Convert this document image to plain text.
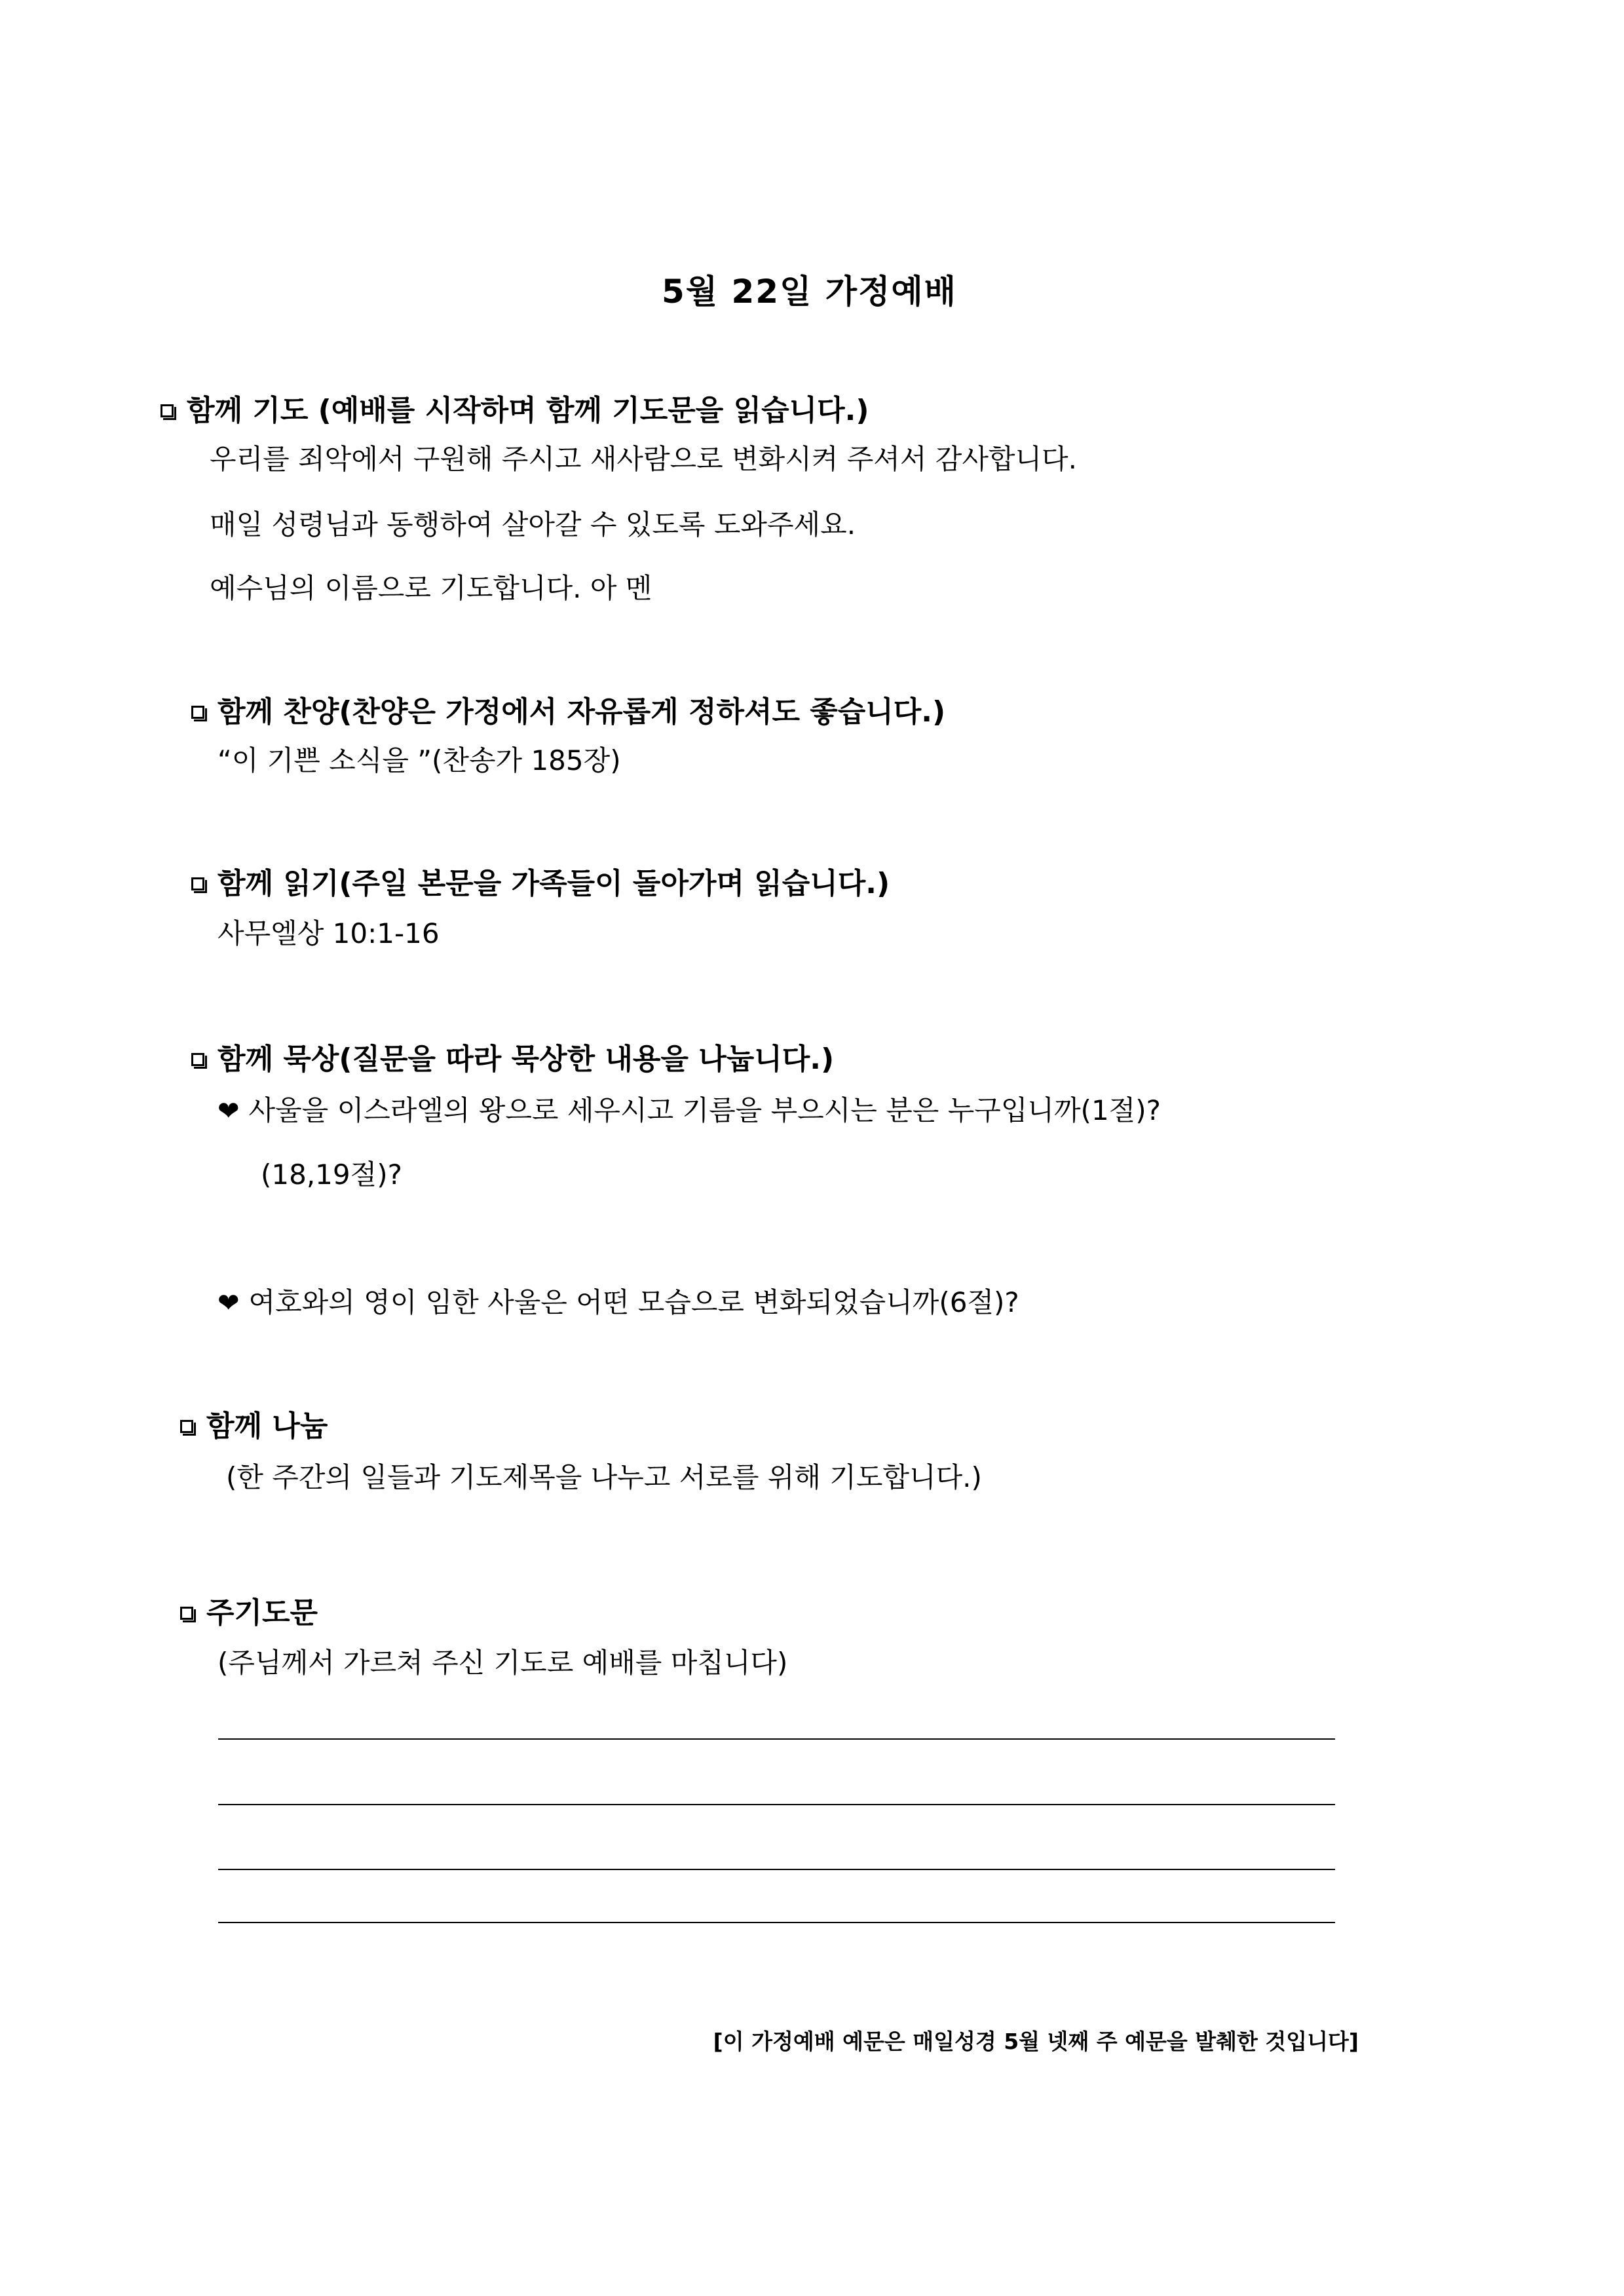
5월 22일 가정예배
함께 기도 (예배를 시작하며 함께 기도문을 읽습니다.)
우리를 죄악에서 구원해 주시고 새사람으로 변화시켜 주셔서 감사합니다.
매일 성령님과 동행하여 살아갈 수 있도록 도와주세요.
예수님의 이름으로 기도합니다. 아 멘
함께 찬양(찬양은 가정에서 자유롭게 정하셔도 좋습니다.)
“이 기쁜 소식을 ”(찬송가 185장)
함께 읽기(주일 본문을 가족들이 돌아가며 읽습니다.)
사무엘상 10:1-16
함께 묵상(질문을 따라 묵상한 내용을 나눕니다.)
❤ 사울을 이스라엘의 왕으로 세우시고 기름을 부으시는 분은 누구입니까(1절)?
(18,19절)?
❤ 여호와의 영이 임한 사울은 어떤 모습으로 변화되었습니까(6절)?
함께 나눔
(한 주간의 일들과 기도제목을 나누고 서로를 위해 기도합니다.)
주기도문
(주님께서 가르쳐 주신 기도로 예배를 마칩니다)
[이 가정예배 예문은 매일성경 5월 넷째 주 예문을 발췌한 것입니다]
